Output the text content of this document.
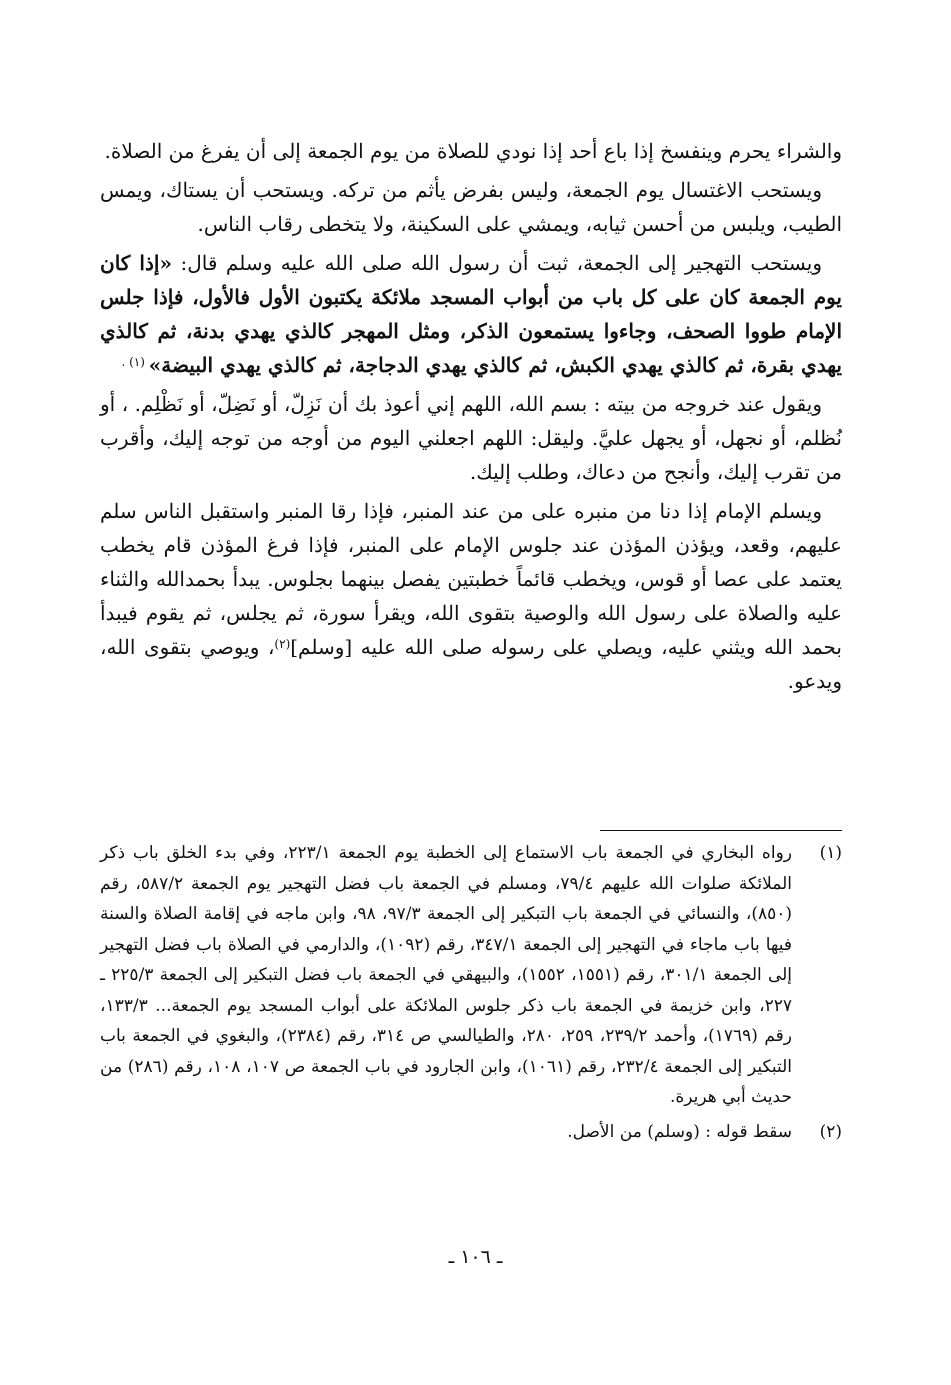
والشراء يحرم وينفسخ إذا باع أحد إذا نودي للصلاة من يوم الجمعة إلى أن يفرغ من الصلاة.

ويستحب الاغتسال يوم الجمعة، وليس بفرض يأثم من تركه. ويستحب أن يستاك، ويمس الطيب، ويلبس من أحسن ثيابه، ويمشي على السكينة، ولا يتخطى رقاب الناس.

ويستحب التهجير إلى الجمعة، ثبت أن رسول الله صلى الله عليه وسلم قال: «إذا كان يوم الجمعة كان على كل باب من أبواب المسجد ملائكة يكتبون الأول فالأول، فإذا جلس الإمام طووا الصحف، وجاءوا يستمعون الذكر، ومثل المهجر كالذي يهدي بدنة، ثم كالذي يهدي بقرة، ثم كالذي يهدي الكبش، ثم كالذي يهدي الدجاجة، ثم كالذي يهدي البيضة» $^{(١) .}$

ويقول عند خروجه من بيته : بسم الله، اللهم إني أعوذ بك أن نَزِلّ، أو نَضِلّ، أو نَظْلِم. ، أو نُظلم، أو نجهل، أو يجهل عليَّ. وليقل: اللهم اجعلني اليوم من أوجه من توجه إليك، وأقرب من تقرب إليك، وأنجح من دعاك، وطلب إليك.

ويسلم الإمام إذا دنا من منبره على من عند المنبر، فإذا رقا المنبر واستقبل الناس سلم عليهم، وقعد، ويؤذن المؤذن عند جلوس الإمام على المنبر، فإذا فرغ المؤذن قام يخطب يعتمد على عصا أو قوس، ويخطب قائماً خطبتين يفصل بينهما بجلوس. يبدأ بحمدالله والثناء عليه والصلاة على رسول الله والوصية بتقوى الله، ويقرأ سورة، ثم يجلس، ثم يقوم فيبدأ بحمد الله ويثني عليه، ويصلي على رسوله صلى الله عليه [وسلم]$^{(٢)}$، ويوصي بتقوى الله، ويدعو.

(١)
رواه البخاري في الجمعة باب الاستماع إلى الخطبة يوم الجمعة ٢٢٣/١، وفي بدء الخلق باب ذكر الملائكة صلوات الله عليهم ٧٩/٤، ومسلم في الجمعة باب فضل التهجير يوم الجمعة ٥٨٧/٢، رقم (٨٥٠)، والنسائي في الجمعة باب التبكير إلى الجمعة ٩٧/٣، ٩٨، وابن ماجه في إقامة الصلاة والسنة فيها باب ماجاء في التهجير إلى الجمعة ٣٤٧/١، رقم (١٠٩٢)، والدارمي في الصلاة باب فضل التهجير إلى الجمعة ٣٠١/١، رقم (١٥٥١، ١٥٥٢)، والبيهقي في الجمعة باب فضل التبكير إلى الجمعة ٢٢٥/٣ ـ ٢٢٧، وابن خزيمة في الجمعة باب ذكر جلوس الملائكة على أبواب المسجد يوم الجمعة... ١٣٣/٣، رقم (١٧٦٩)، وأحمد ٢٣٩/٢، ٢٥٩، ٢٨٠، والطيالسي ص ٣١٤، رقم (٢٣٨٤)، والبغوي في الجمعة باب التبكير إلى الجمعة ٢٣٢/٤، رقم (١٠٦١)، وابن الجارود في باب الجمعة ص ١٠٧، ١٠٨، رقم (٢٨٦) من حديث أبي هريرة.
(٢)
سقط قوله : (وسلم) من الأصل.
ـ ١٠٦ ـ
